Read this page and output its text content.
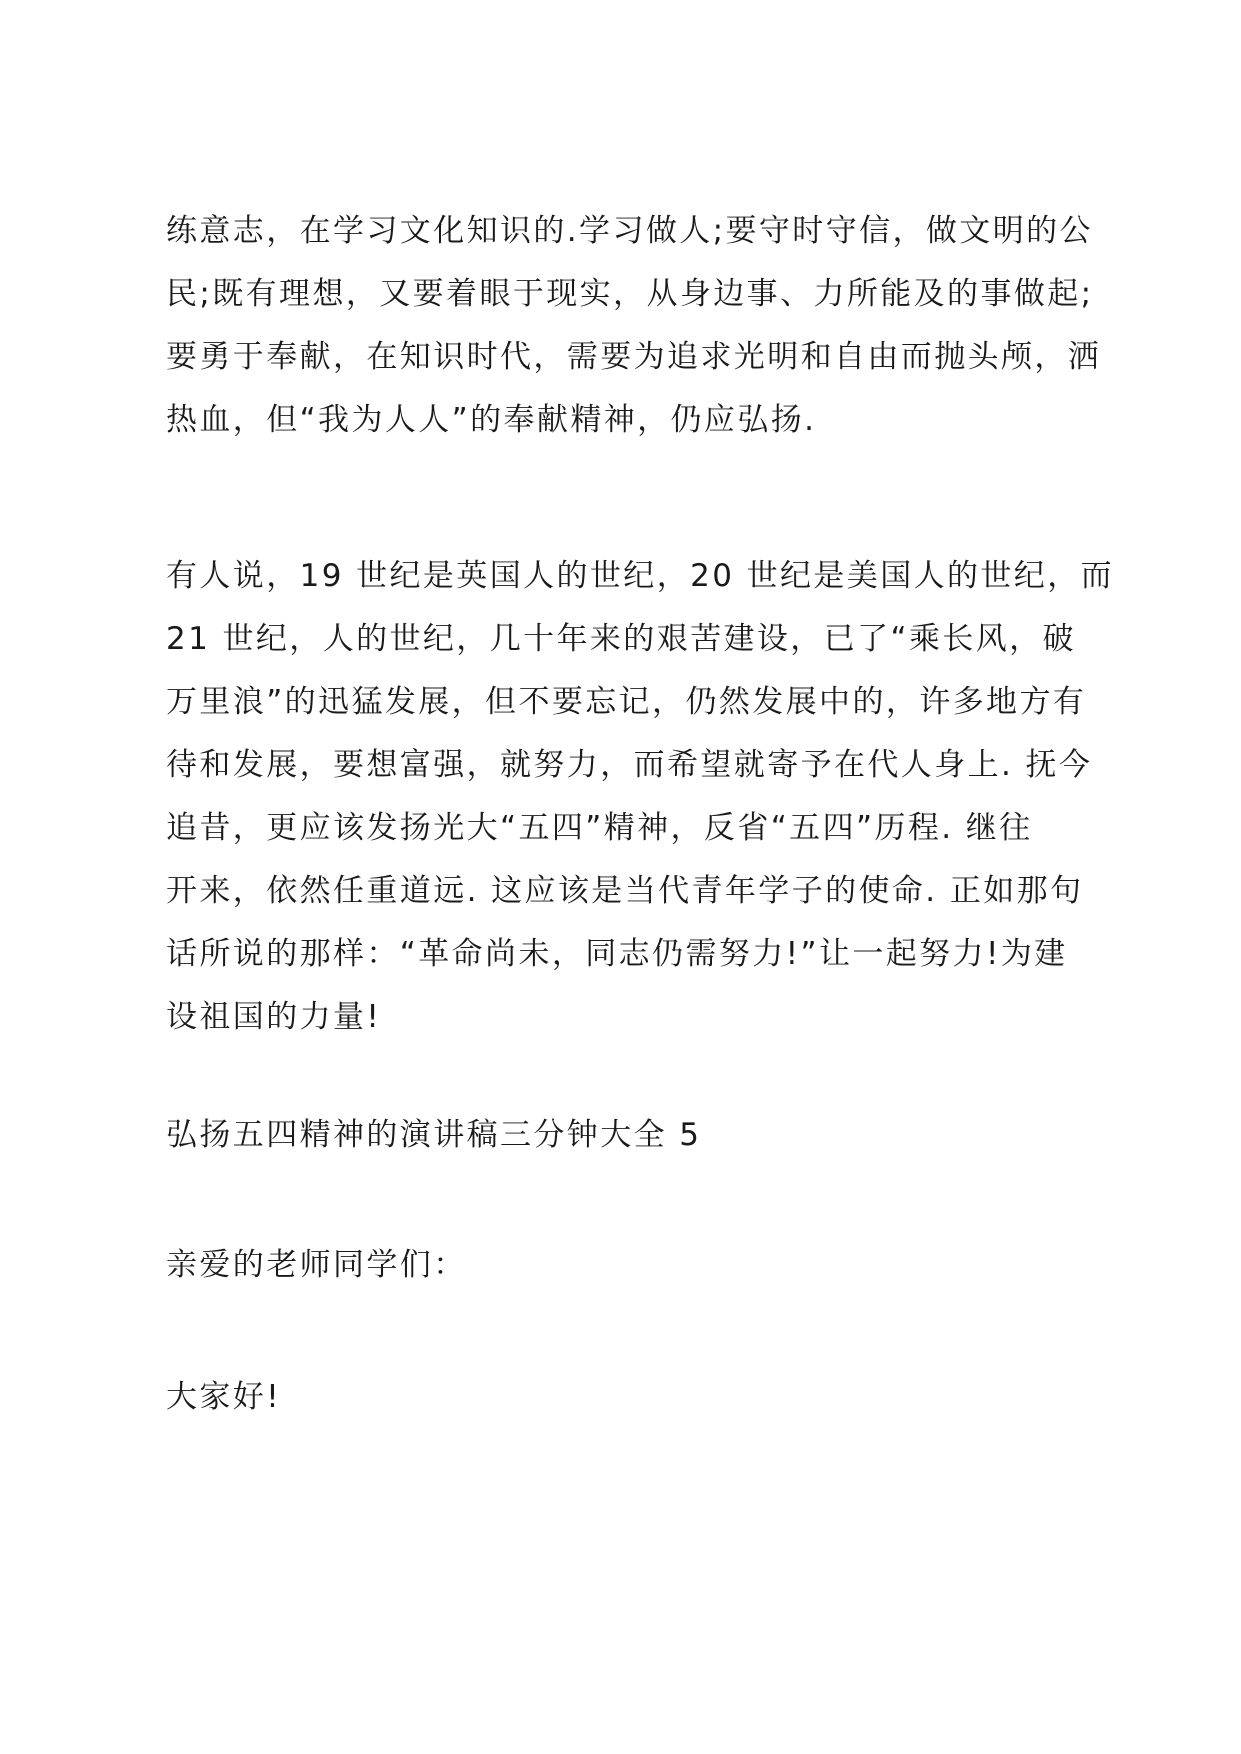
练意志，在学习文化知识的.学习做人;要守时守信，做文明的公
民;既有理想，又要着眼于现实，从身边事、力所能及的事做起;
要勇于奉献，在知识时代，需要为追求光明和自由而抛头颅，洒
热血，但“我为人人”的奉献精神，仍应弘扬.
有人说，19 世纪是英国人的世纪，20 世纪是美国人的世纪，而
21 世纪，人的世纪，几十年来的艰苦建设，已了“乘长风，破
万里浪”的迅猛发展，但不要忘记，仍然发展中的，许多地方有
待和发展，要想富强，就努力，而希望就寄予在代人身上. 抚今
追昔，更应该发扬光大“五四”精神，反省“五四”历程. 继往
开来，依然任重道远. 这应该是当代青年学子的使命. 正如那句
话所说的那样：“革命尚未，同志仍需努力!”让一起努力!为建
设祖国的力量!
弘扬五四精神的演讲稿三分钟大全 5
亲爱的老师同学们：
大家好!
